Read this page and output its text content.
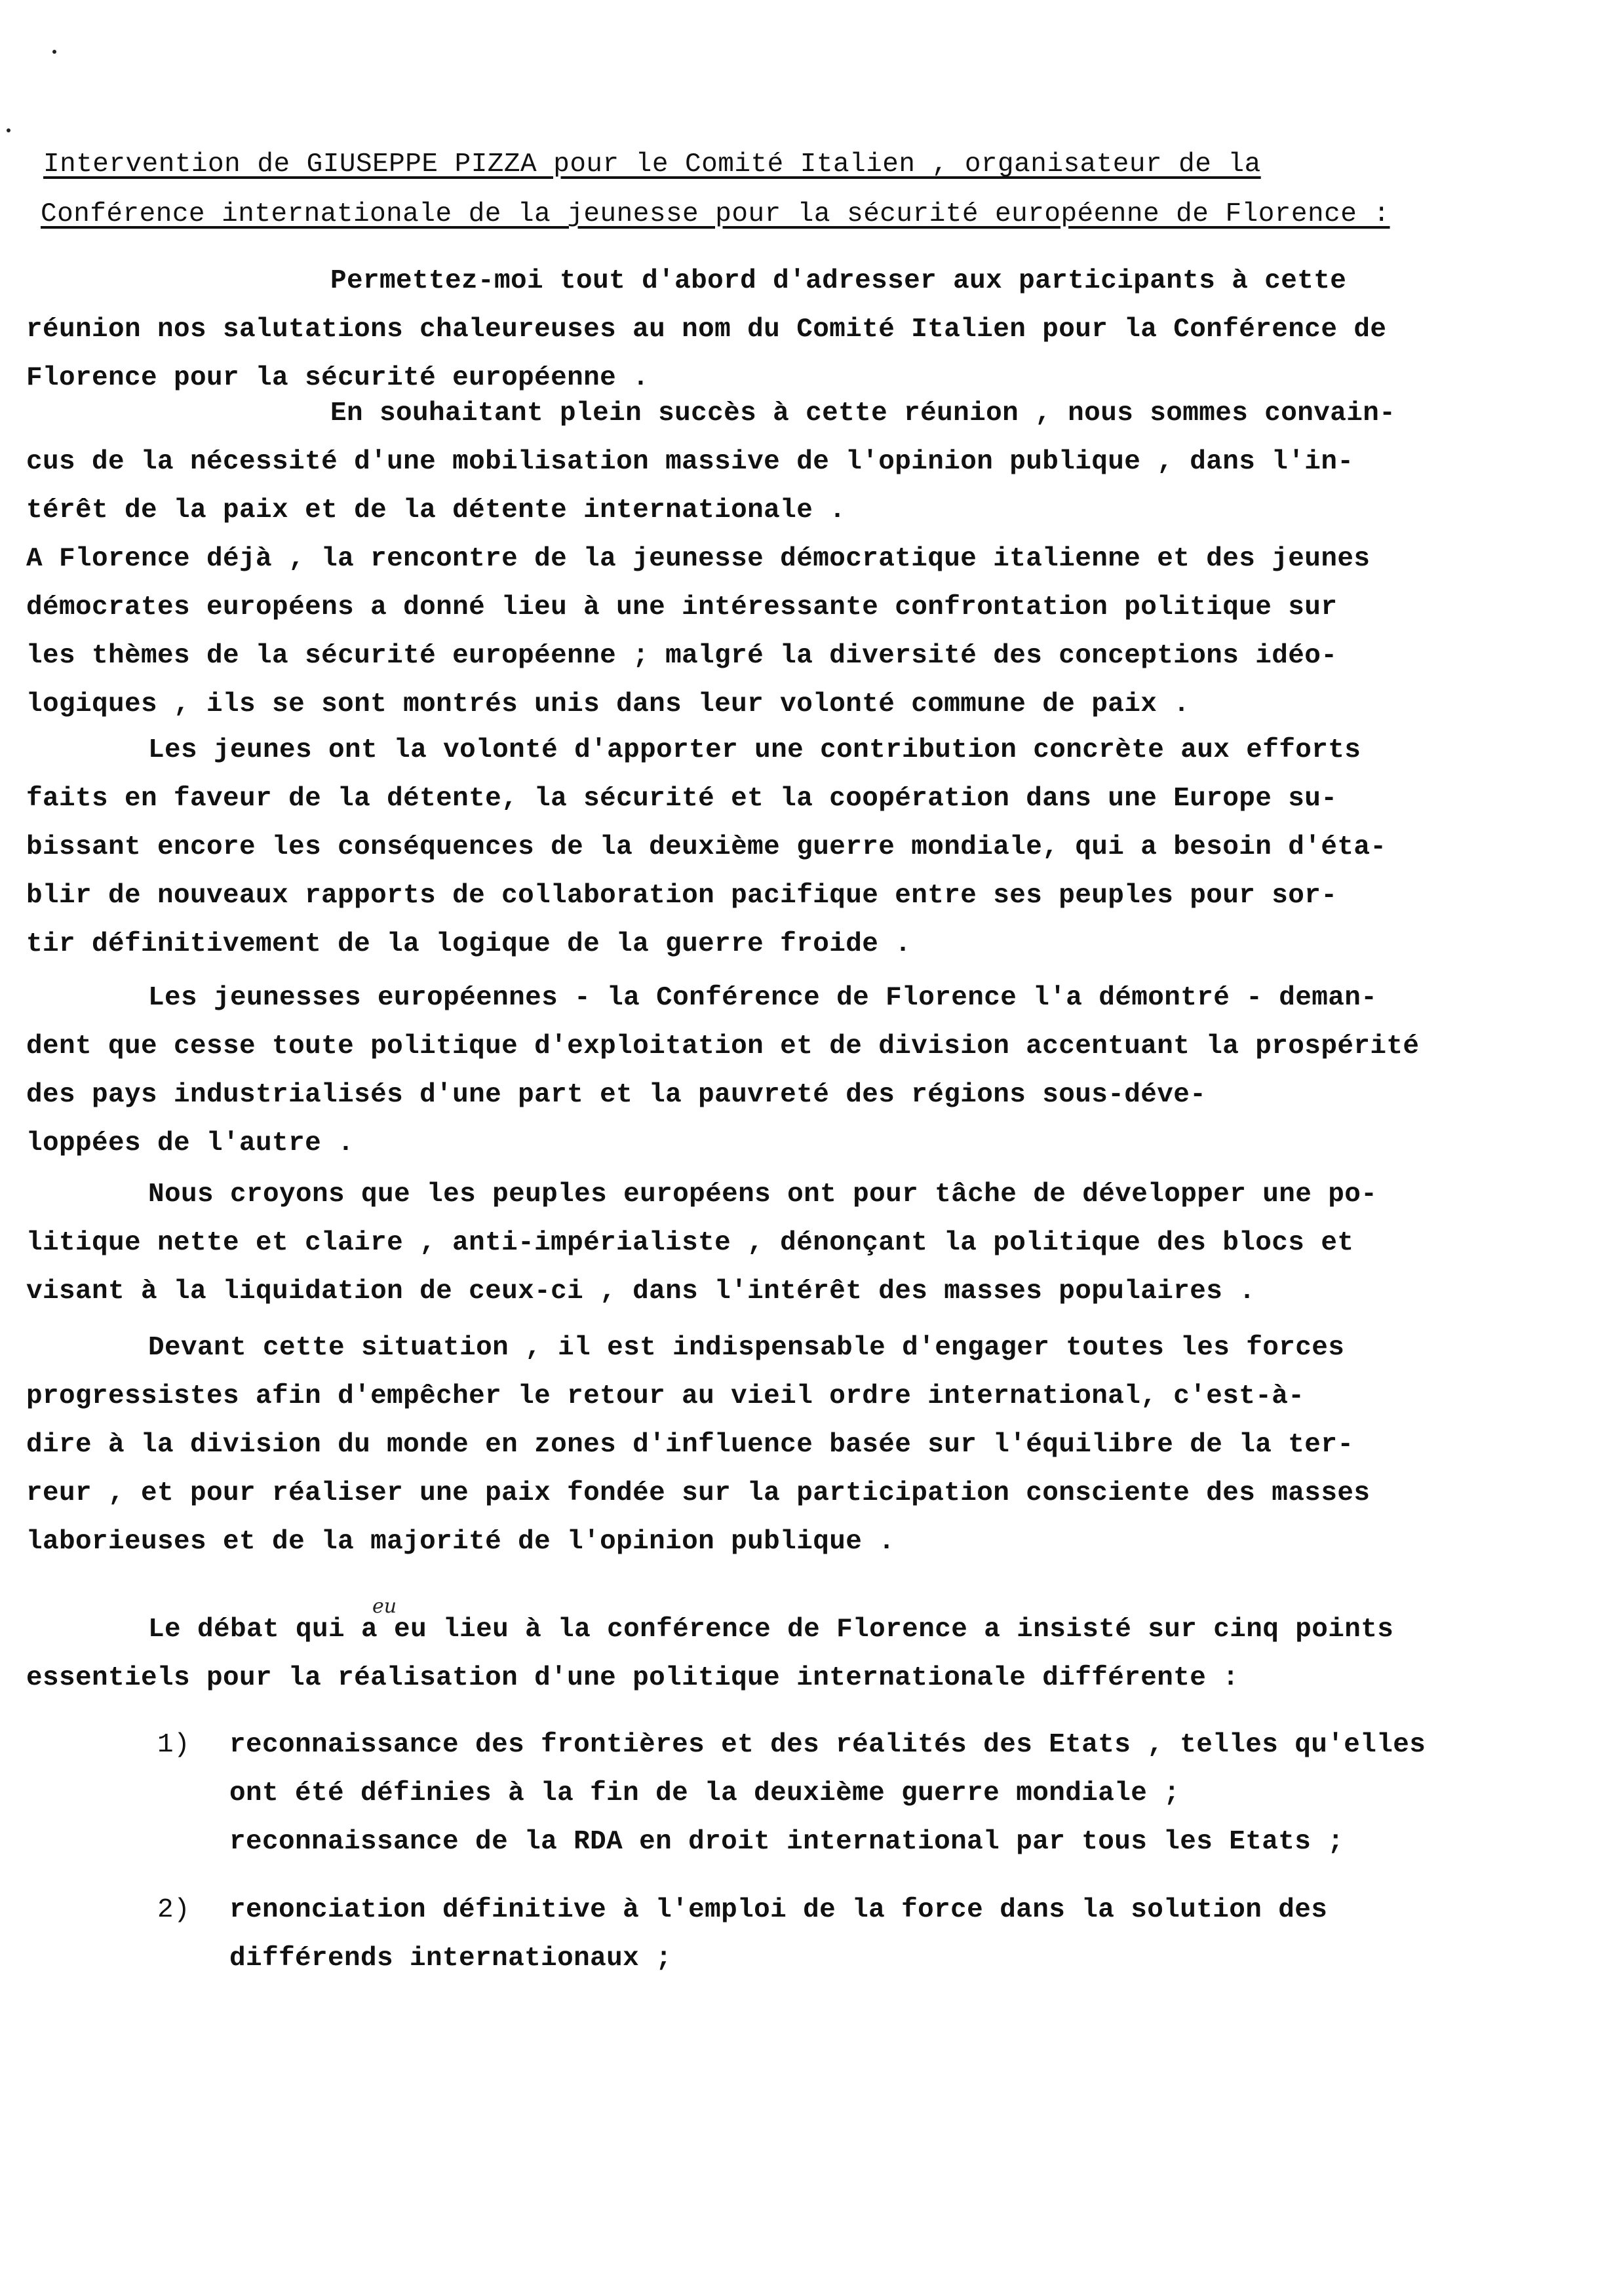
Intervention de GIUSEPPE PIZZA pour le Comité Italien , organisateur de la

Conférence internationale de la jeunesse pour la sécurité européenne de Florence :

Permettez-moi tout d'abord d'adresser aux participants à cette
réunion nos salutations chaleureuses au nom du Comité Italien pour la Conférence de
Florence pour la sécurité européenne .

En souhaitant plein succès à cette réunion , nous sommes convain-
cus de la nécessité d'une mobilisation massive de l'opinion publique , dans l'in-
térêt de la paix et de la détente internationale .
A Florence déjà , la rencontre de la jeunesse démocratique italienne et des jeunes
démocrates européens a donné lieu à une intéressante confrontation politique sur
les thèmes de la sécurité européenne ; malgré la diversité des conceptions idéo-
logiques , ils se sont montrés unis dans leur volonté commune de paix .

Les jeunes ont la volonté d'apporter une contribution concrète aux efforts
faits en faveur de la détente, la sécurité et la coopération dans une Europe su-
bissant encore les conséquences de la deuxième guerre mondiale, qui a besoin d'éta-
blir de nouveaux rapports de collaboration pacifique entre ses peuples pour sor-
tir définitivement de la logique de la guerre froide .

Les jeunesses européennes - la Conférence de Florence l'a démontré - deman-
dent que cesse toute politique d'exploitation et de division accentuant la prospérité
des pays industrialisés d'une part et la pauvreté des régions sous-déve-
loppées de l'autre .

Nous croyons que les peuples européens ont pour tâche de développer une po-
litique nette et claire , anti-impérialiste , dénonçant la politique des blocs et
visant à la liquidation de ceux-ci , dans l'intérêt des masses populaires .

Devant cette situation , il est indispensable d'engager toutes les forces
progressistes afin d'empêcher le retour au vieil ordre international, c'est-à-
dire à la division du monde en zones d'influence basée sur l'équilibre de la ter-
reur , et pour réaliser une paix fondée sur la participation consciente des masses
laborieuses et de la majorité de l'opinion publique .

eu

Le débat qui a eu lieu à la conférence de Florence a insisté sur cinq points
essentiels pour la réalisation d'une politique internationale différente :

1) reconnaissance des frontières et des réalités des Etats , telles qu'elles
ont été définies à la fin de la deuxième guerre mondiale ;
reconnaissance de la RDA en droit international par tous les Etats ;
2) renonciation définitive à l'emploi de la force dans la solution des
différends internationaux ;
